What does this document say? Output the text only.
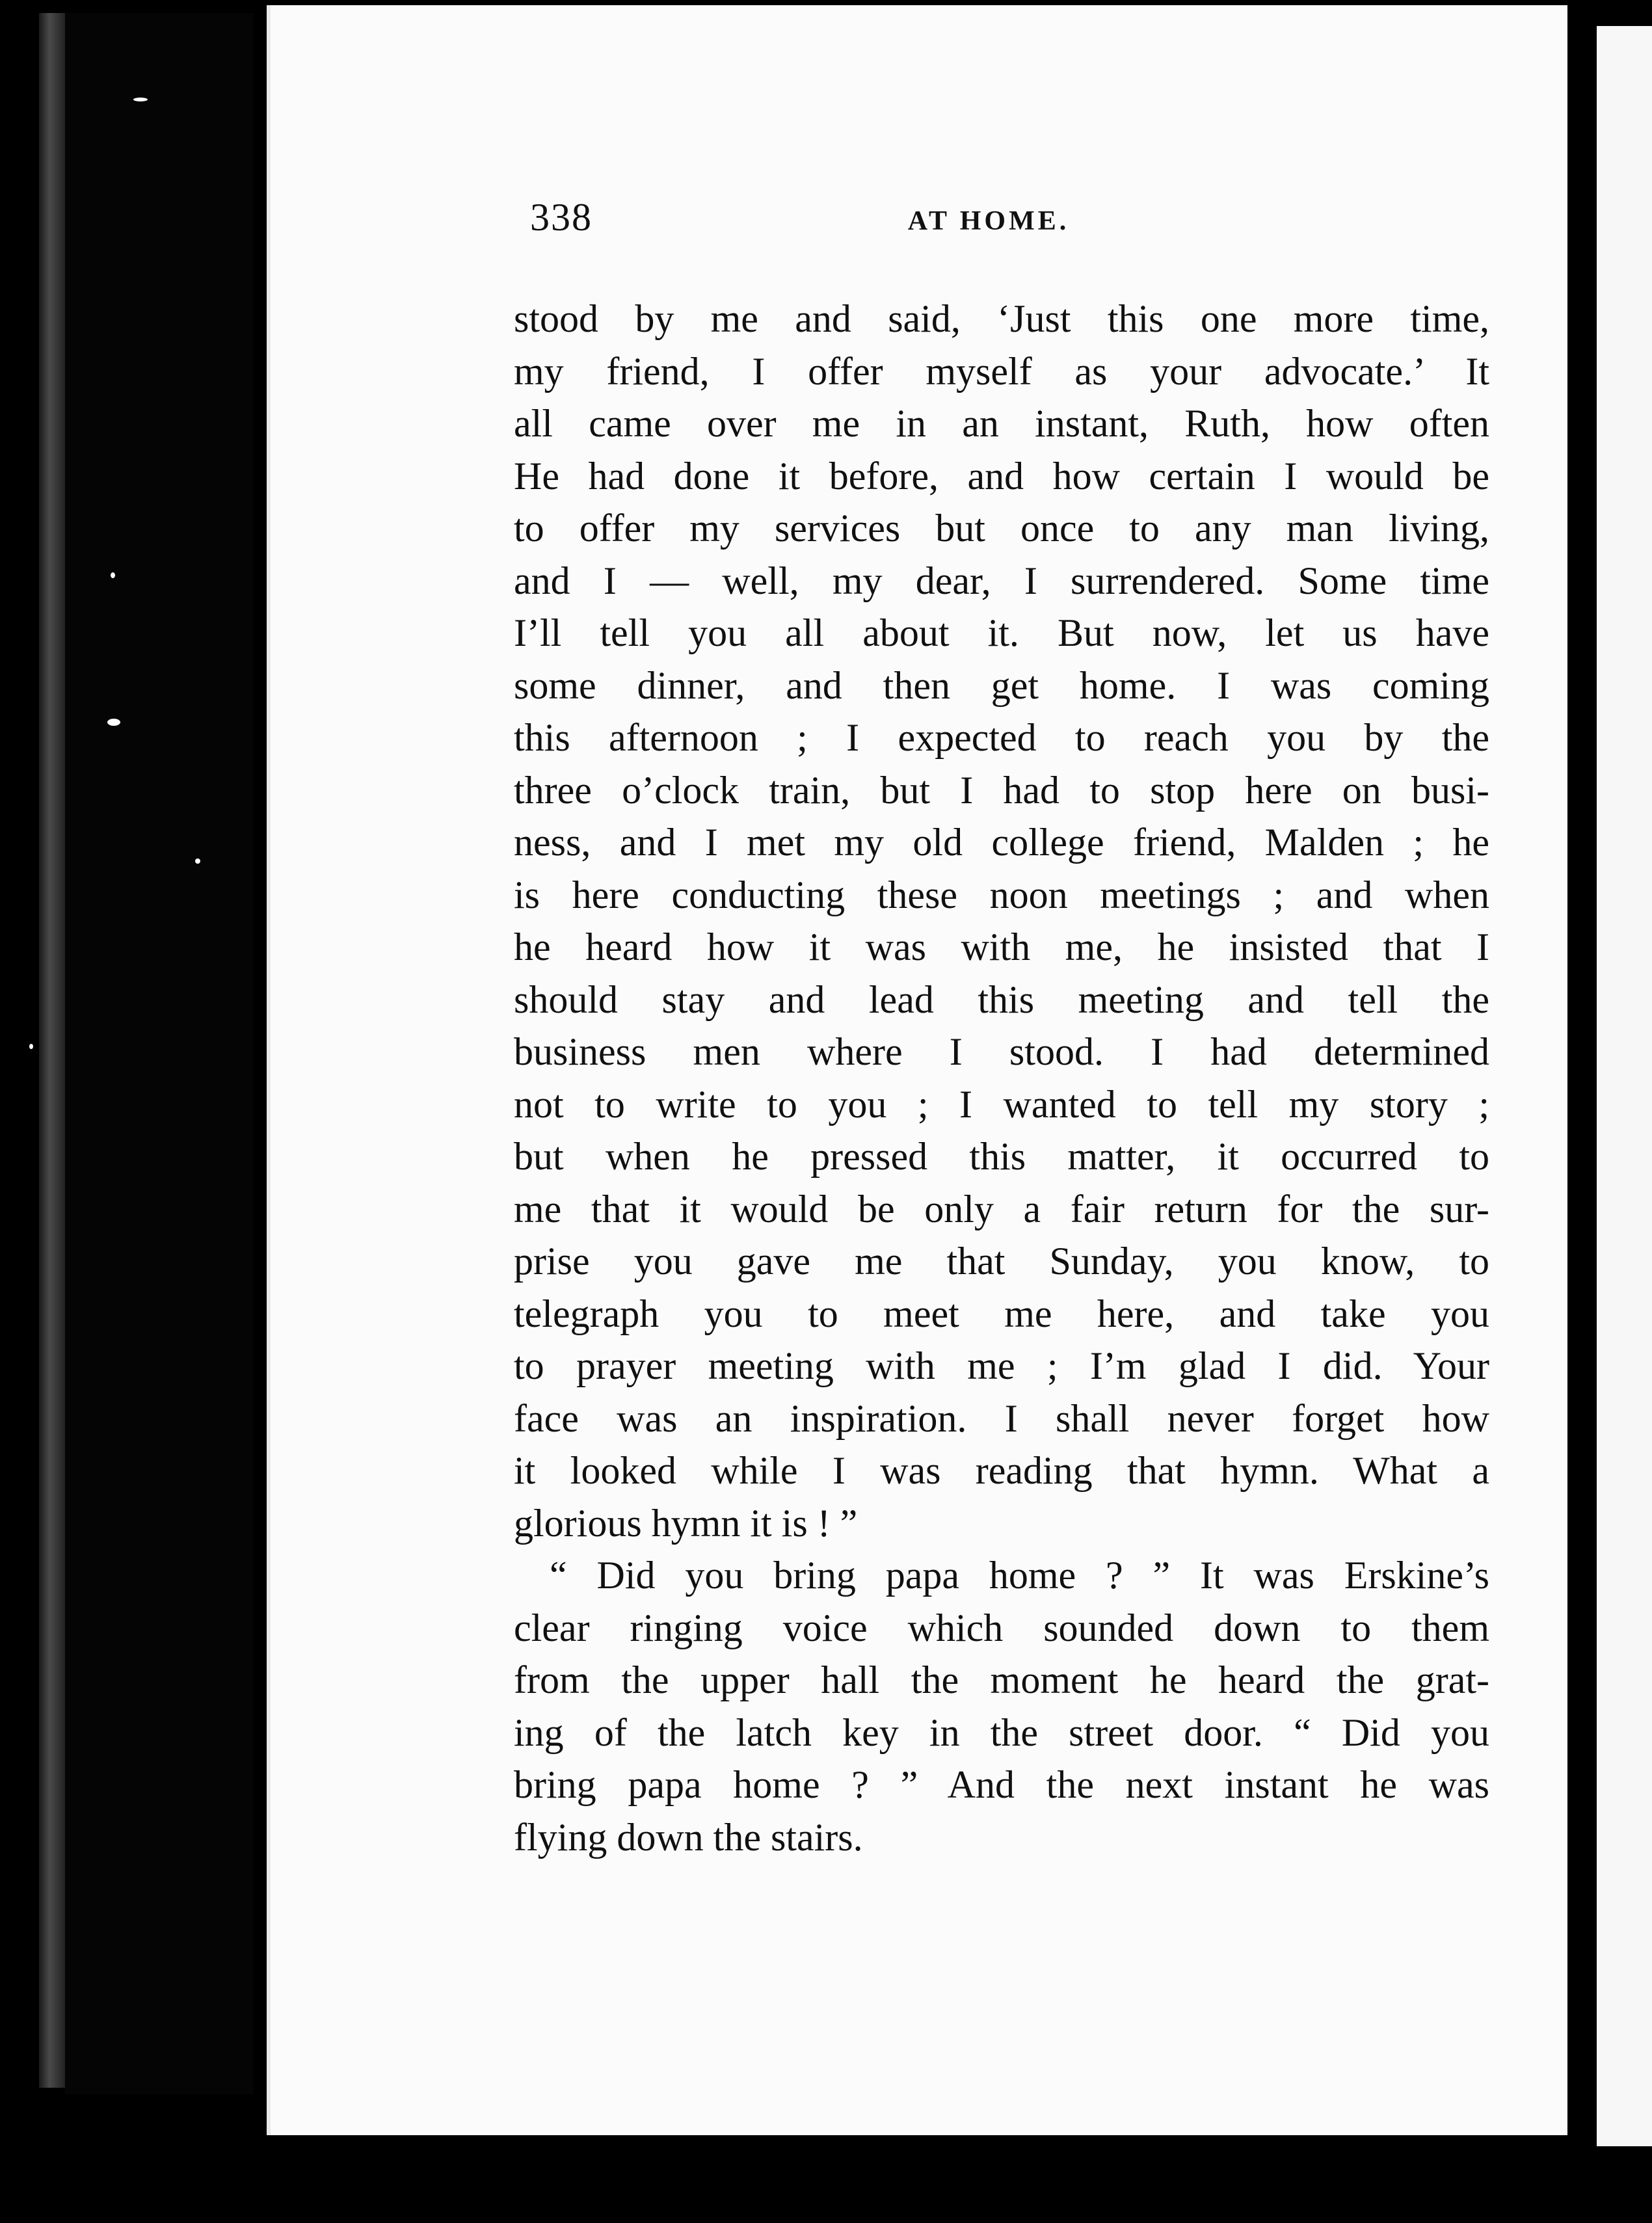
338	AT HOME.
stood by me and said, ‘Just this one more time,
my friend, I offer myself as your advocate.’ It
all came over me in an instant, Ruth, how often
He had done it before, and how certain I would be
to offer my services but once to any man living,
and I — well, my dear, I surrendered. Some time
I’ll tell you all about it. But now, let us have
some dinner, and then get home. I was coming
this afternoon ; I expected to reach you by the
three o’clock train, but I had to stop here on busi-
ness, and I met my old college friend, Malden ; he
is here conducting these noon meetings ; and when
he heard how it was with me, he insisted that I
should stay and lead this meeting and tell the
business men where I stood. I had determined
not to write to you ; I wanted to tell my story ;
but when he pressed this matter, it occurred to
me that it would be only a fair return for the sur-
prise you gave me that Sunday, you know, to
telegraph you to meet me here, and take you
to prayer meeting with me ; I’m glad I did. Your
face was an inspiration. I shall never forget how
it looked while I was reading that hymn. What a
glorious hymn it is ! ”
“ Did you bring papa home ? ” It was Erskine’s
clear ringing voice which sounded down to them
from the upper hall the moment he heard the grat-
ing of the latch key in the street door. “ Did you
bring papa home ? ” And the next instant he was
flying down the stairs.
